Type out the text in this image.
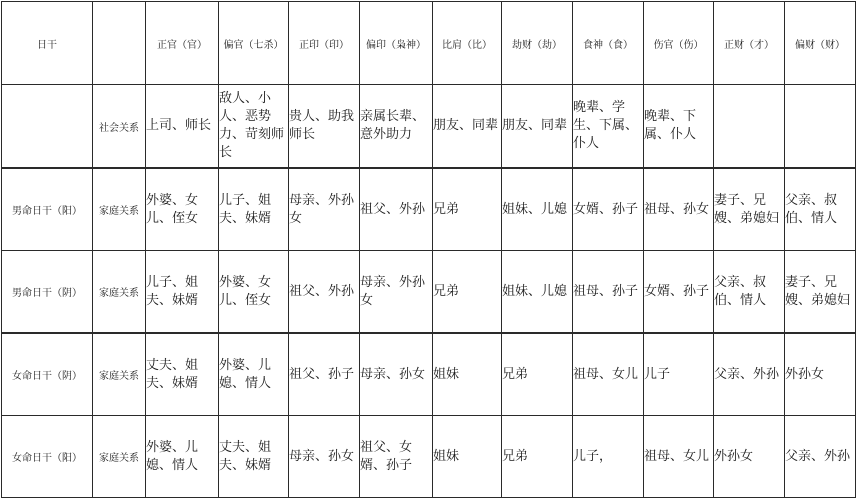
日干		正官（官）	偏官（七杀）	正印（印）	偏印（枭神）	比肩（比）	劫财（劫）	食神（食）	伤官（伤）	正财（才）	偏财（财）
	社会关系	上司、师长	敌人、小人、恶势力、苛刻师长	贵人、助我师长	亲属长辈、意外助力	朋友、同辈	朋友、同辈	晚辈、学生、下属、仆人	晚辈、下属、仆人		
男命日干（阳）	家庭关系	外婆、女儿、侄女	儿子、姐夫、妹婿	母亲、外孙女	祖父、外孙	兄弟	姐妹、儿媳	女婿、孙子	祖母、孙女	妻子、兄嫂、弟媳妇	父亲、叔伯、情人
男命日干（阴）	家庭关系	儿子、姐夫、妹婿	外婆、女儿、侄女	祖父、外孙	母亲、外孙女	兄弟	姐妹、儿媳	祖母、孙子	女婿、孙子	父亲、叔伯、情人	妻子、兄嫂、弟媳妇
女命日干（阴）	家庭关系	丈夫、姐夫、妹婿	外婆、儿媳、情人	祖父、孙子	母亲、孙女	姐妹	兄弟	祖母、女儿	儿子	父亲、外孙	外孙女
女命日干（阳）	家庭关系	外婆、儿媳、情人	丈夫、姐夫、妹婿	母亲、孙女	祖父、女婿、孙子	姐妹	兄弟	儿子，	祖母、女儿	外孙女	父亲、外孙
